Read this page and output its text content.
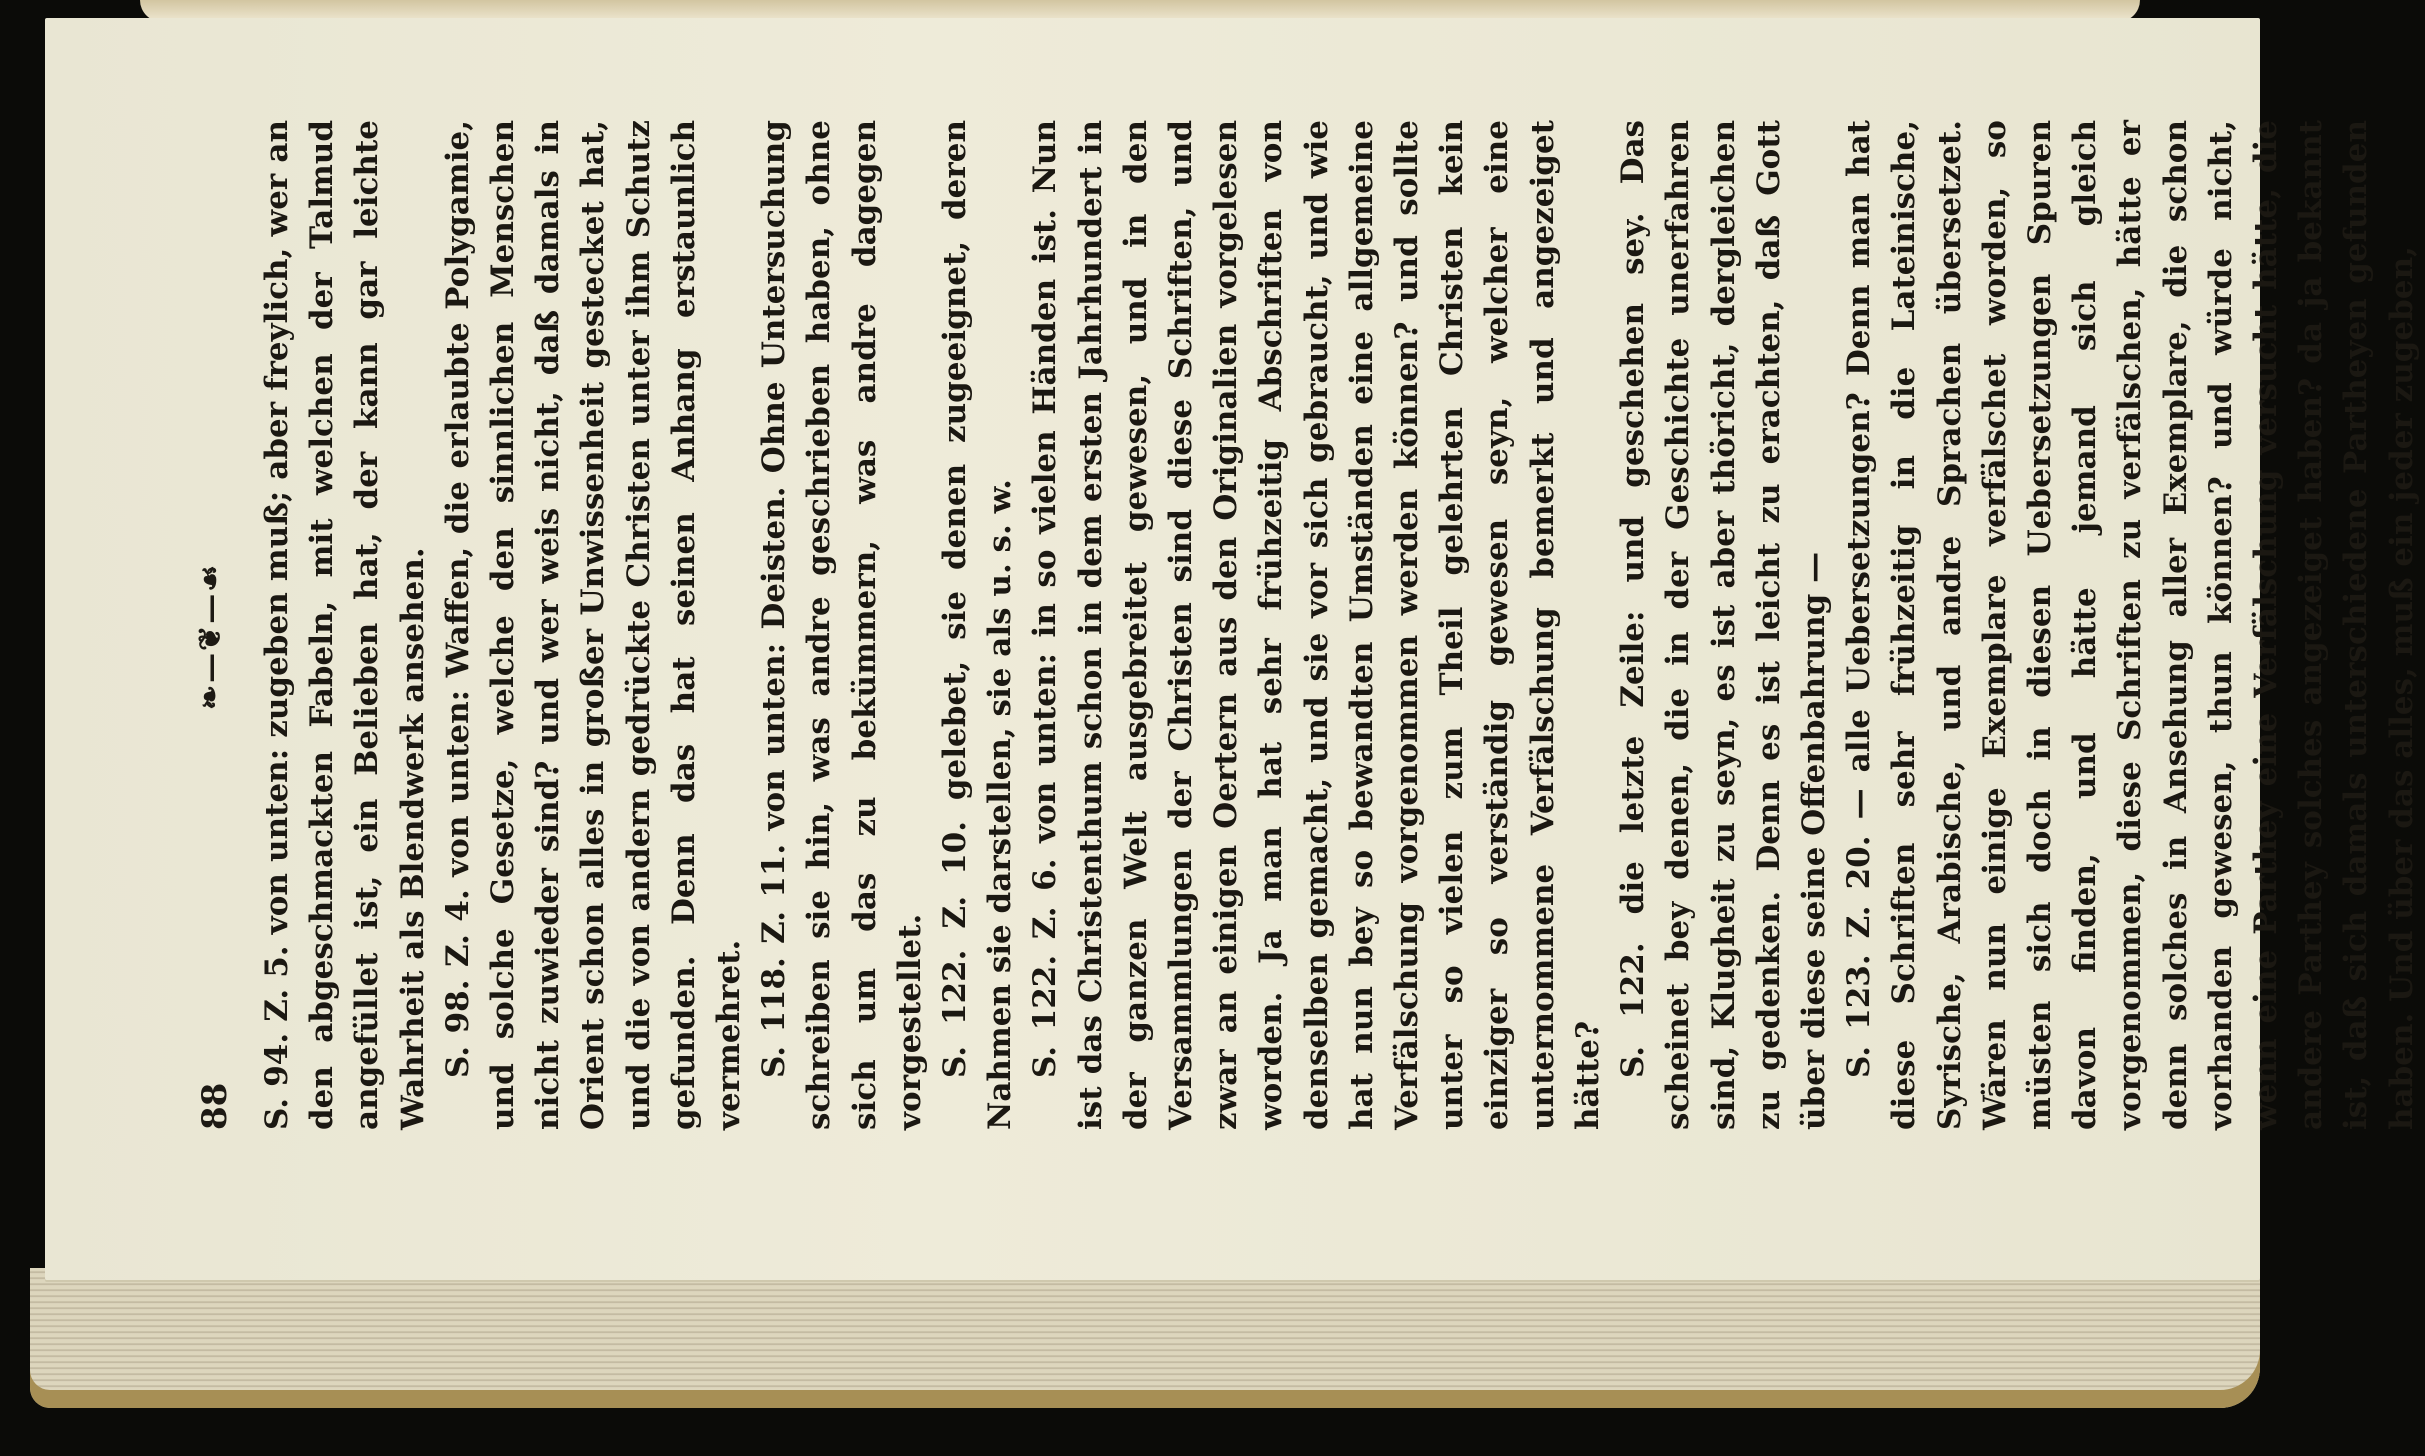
88
❧—❦—☙ S. 94. Z. 5. von unten: zugeben muß; aber freylich, wer an den abgeschmackten Fabeln, mit welchen der Talmud angefüllet ist, ein Belieben hat, der kann gar leichte Wahrheit als Blendwerk ansehen. S. 98. Z. 4. von unten: Waffen, die erlaubte Polygamie, und solche Gesetze, welche den sinnlichen Menschen nicht zuwieder sind? und wer weis nicht, daß damals in Orient schon alles in großer Unwissenheit gestecket hat, und die von andern gedrückte Christen unter ihm Schutz gefunden. Denn das hat seinen Anhang erstaunlich vermehret. S. 118. Z. 11. von unten: Deisten. Ohne Untersuchung schreiben sie hin, was andre geschrieben haben, ohne sich um das zu bekümmern, was andre dagegen vorgestellet. S. 122. Z. 10. gelebet, sie denen zugeeignet, deren Nahmen sie darstellen, sie als u. s. w. S. 122. Z. 6. von unten: in so vielen Händen ist. Nun ist das Christenthum schon in dem ersten Jahrhundert in der ganzen Welt ausgebreitet gewesen, und in den Versammlungen der Christen sind diese Schriften, und zwar an einigen Oertern aus den Originalien vorgelesen worden. Ja man hat sehr frühzeitig Abschriften von denselben gemacht, und sie vor sich gebraucht, und wie hat nun bey so bewandten Umständen eine allgemeine Verfälschung vorgenommen werden können? und sollte unter so vielen zum Theil gelehrten Christen kein einziger so verständig gewesen seyn, welcher eine unternommene Verfälschung bemerkt und angezeiget hätte? S. 122. die letzte Zeile: und geschehen sey. Das scheinet bey denen, die in der Geschichte unerfahren sind, Klugheit zu seyn, es ist aber thöricht, dergleichen zu gedenken. Denn es ist leicht zu erachten, daß Gott über diese seine Offenbahrung — S. 123. Z. 20. — alle Uebersetzungen? Denn man hat diese Schriften sehr frühzeitig in die Lateinische, Syrische, Arabische, und andre Sprachen übersetzet. Wären nun einige Exemplare verfälschet worden, so müsten sich doch in diesen Uebersetzungen Spuren davon finden, und hätte jemand sich gleich vorgenommen, diese Schriften zu verfälschen, hätte er denn solches in Ansehung aller Exemplare, die schon vorhanden gewesen, thun können? und würde nicht, wenn eine Parthey eine Verfälschung versucht hätte, die andere Parthey solches angezeiget haben? da ja bekannt ist, daß sich damals unterschiedene Partheyen gefunden haben. Und über das alles, muß ein jeder zugeben,
